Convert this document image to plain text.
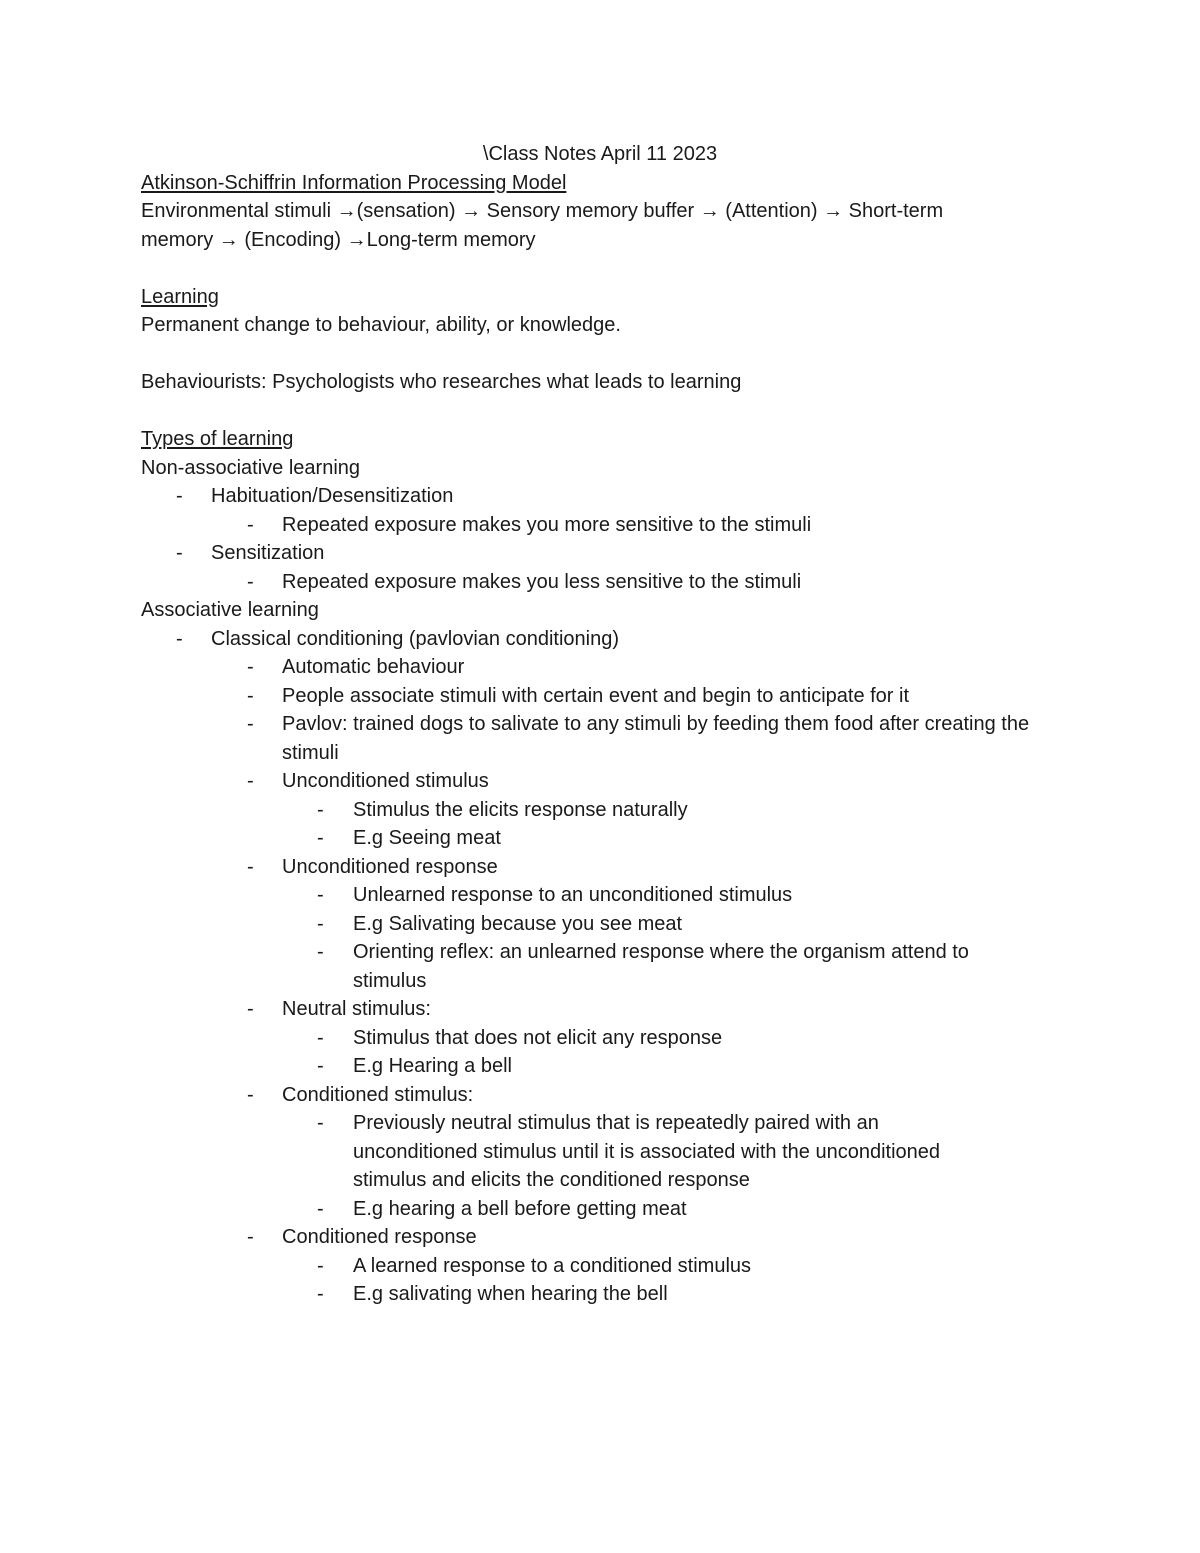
\Class Notes April 11 2023
Atkinson-Schiffrin Information Processing Model
Environmental stimuli →(sensation) → Sensory memory buffer → (Attention) → Short-term
memory → (Encoding) →Long-term memory
Learning
Permanent change to behaviour, ability, or knowledge.
Behaviourists: Psychologists who researches what leads to learning
Types of learning
Non-associative learning
- Habituation/Desensitization
- Repeated exposure makes you more sensitive to the stimuli
- Sensitization
- Repeated exposure makes you less sensitive to the stimuli
Associative learning
- Classical conditioning (pavlovian conditioning)
- Automatic behaviour
- People associate stimuli with certain event and begin to anticipate for it
- Pavlov: trained dogs to salivate to any stimuli by feeding them food after creating the stimuli
- Unconditioned stimulus
- Stimulus the elicits response naturally
- E.g Seeing meat
- Unconditioned response
- Unlearned response to an unconditioned stimulus
- E.g Salivating because you see meat
- Orienting reflex: an unlearned response where the organism attend to stimulus
- Neutral stimulus:
- Stimulus that does not elicit any response
- E.g Hearing a bell
- Conditioned stimulus:
- Previously neutral stimulus that is repeatedly paired with an unconditioned stimulus until it is associated with the unconditioned stimulus and elicits the conditioned response
- E.g hearing a bell before getting meat
- Conditioned response
- A learned response to a conditioned stimulus
- E.g salivating when hearing the bell
